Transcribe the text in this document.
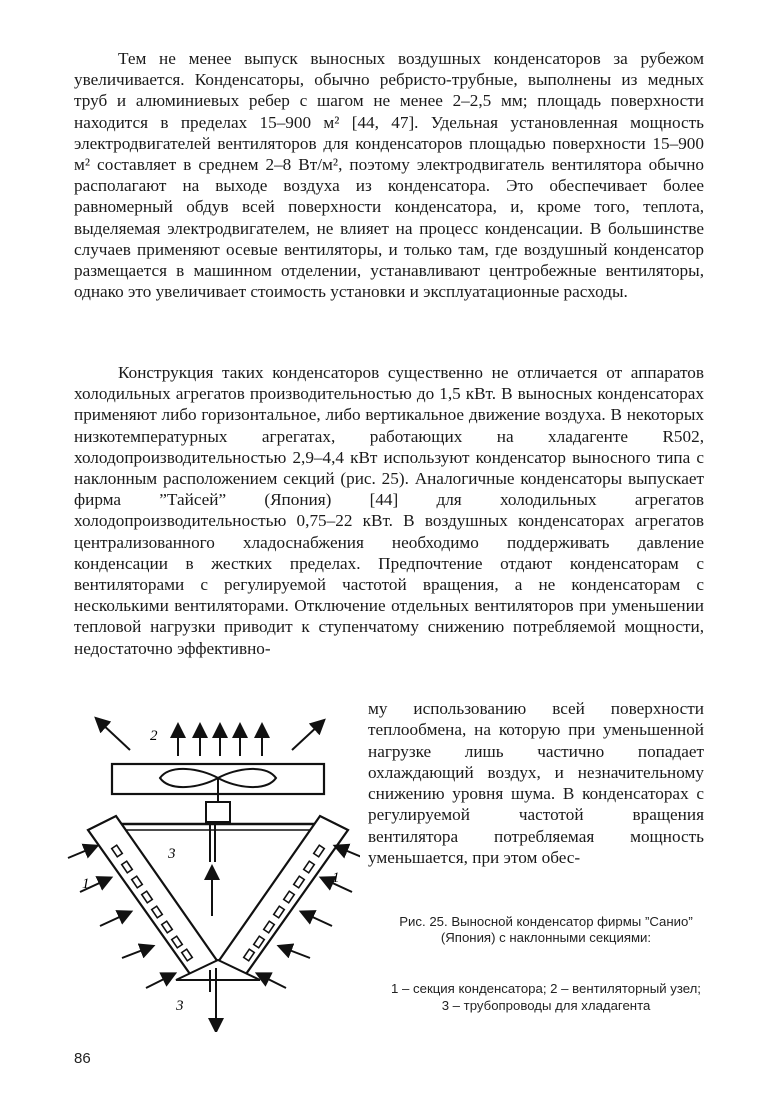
Тем не менее выпуск выносных воздушных конденсаторов за рубежом увеличивается. Конденсаторы, обычно ребристо-трубные, выполнены из медных труб и алюминиевых ребер с шагом не менее 2–2,5 мм; площадь поверхности находится в пределах 15–900 м² [44, 47]. Удельная установленная мощность электродвигателей вентиляторов для конденсаторов площадью поверхности 15–900 м² составляет в среднем 2–8 Вт/м², поэтому электродвигатель вентилятора обычно располагают на выходе воздуха из конденсатора. Это обеспечивает более равномерный обдув всей поверхности конденсатора, и, кроме того, теплота, выделяемая электродвигателем, не влияет на процесс конденсации. В большинстве случаев применяют осевые вентиляторы, и только там, где воздушный конденсатор размещается в машинном отделении, устанавливают центробежные вентиляторы, однако это увеличивает стоимость установки и эксплуатационные расходы.

Конструкция таких конденсаторов существенно не отличается от аппаратов холодильных агрегатов производительностью до 1,5 кВт. В выносных конденсаторах применяют либо горизонтальное, либо вертикальное движение воздуха. В некоторых низкотемпературных агрегатах, работающих на хладагенте R502, холодопроизводительностью 2,9–4,4 кВт используют конденсатор выносного типа с наклонным расположением секций (рис. 25). Аналогичные конденсаторы выпускает фирма ”Тайсей” (Япония) [44] для холодильных агрегатов холодопроизводительностью 0,75–22 кВт. В воздушных конденсаторах агрегатов централизованного хладоснабжения необходимо поддерживать давление конденсации в жестких пределах. Предпочтение отдают конденсаторам с вентиляторами с регулируемой частотой вращения, а не конденсаторам с несколькими вентиляторами. Отключение отдельных вентиляторов при уменьшении тепловой нагрузки приводит к ступенчатому снижению потребляемой мощности, недостаточно эффективно-

му использованию всей поверхности теплообмена, на которую при уменьшенной нагрузке лишь частично попадает охлаждающий воздух, и незначительному снижению уровня шума. В конденсаторах с регулируемой частотой вращения вентилятора потребляемая мощность уменьшается, при этом обес-
2
3
1	1
3
Рис. 25. Выносной конденсатор фирмы ”Санио” (Япония) с наклонными секциями:
1 – секция конденсатора; 2 – вентиляторный узел; 3 – трубопроводы для хладагента
86
